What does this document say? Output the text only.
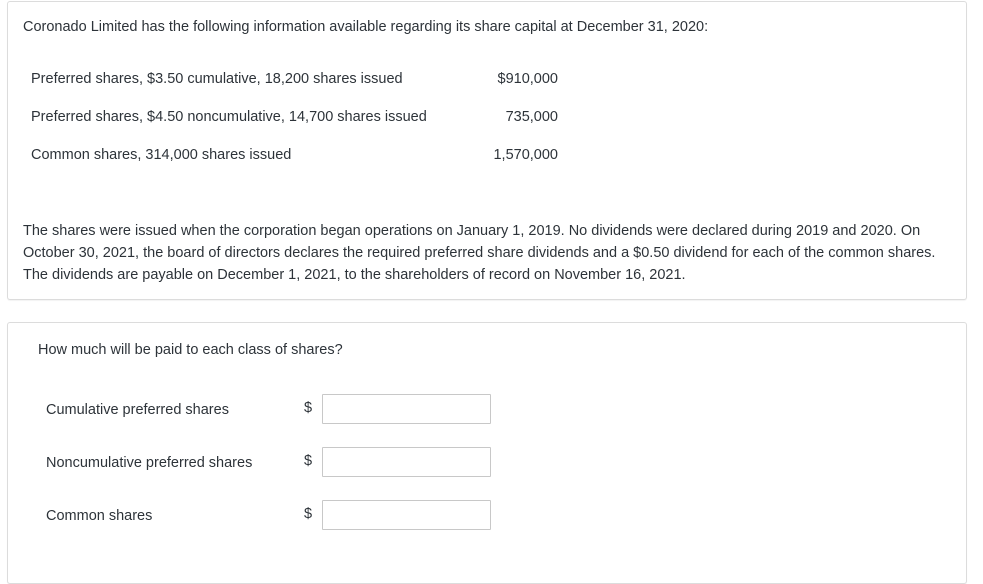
Coronado Limited has the following information available regarding its share capital at December 31, 2020:
Preferred shares, $3.50 cumulative, 18,200 shares issued	$910,000
Preferred shares, $4.50 noncumulative, 14,700 shares issued	735,000
Common shares, 314,000 shares issued	1,570,000
The shares were issued when the corporation began operations on January 1, 2019. No dividends were declared during 2019 and 2020. On October 30, 2021, the board of directors declares the required preferred share dividends and a $0.50 dividend for each of the common shares. The dividends are payable on December 1, 2021, to the shareholders of record on November 16, 2021.
How much will be paid to each class of shares?
Cumulative preferred shares	$
Noncumulative preferred shares	$
Common shares	$
